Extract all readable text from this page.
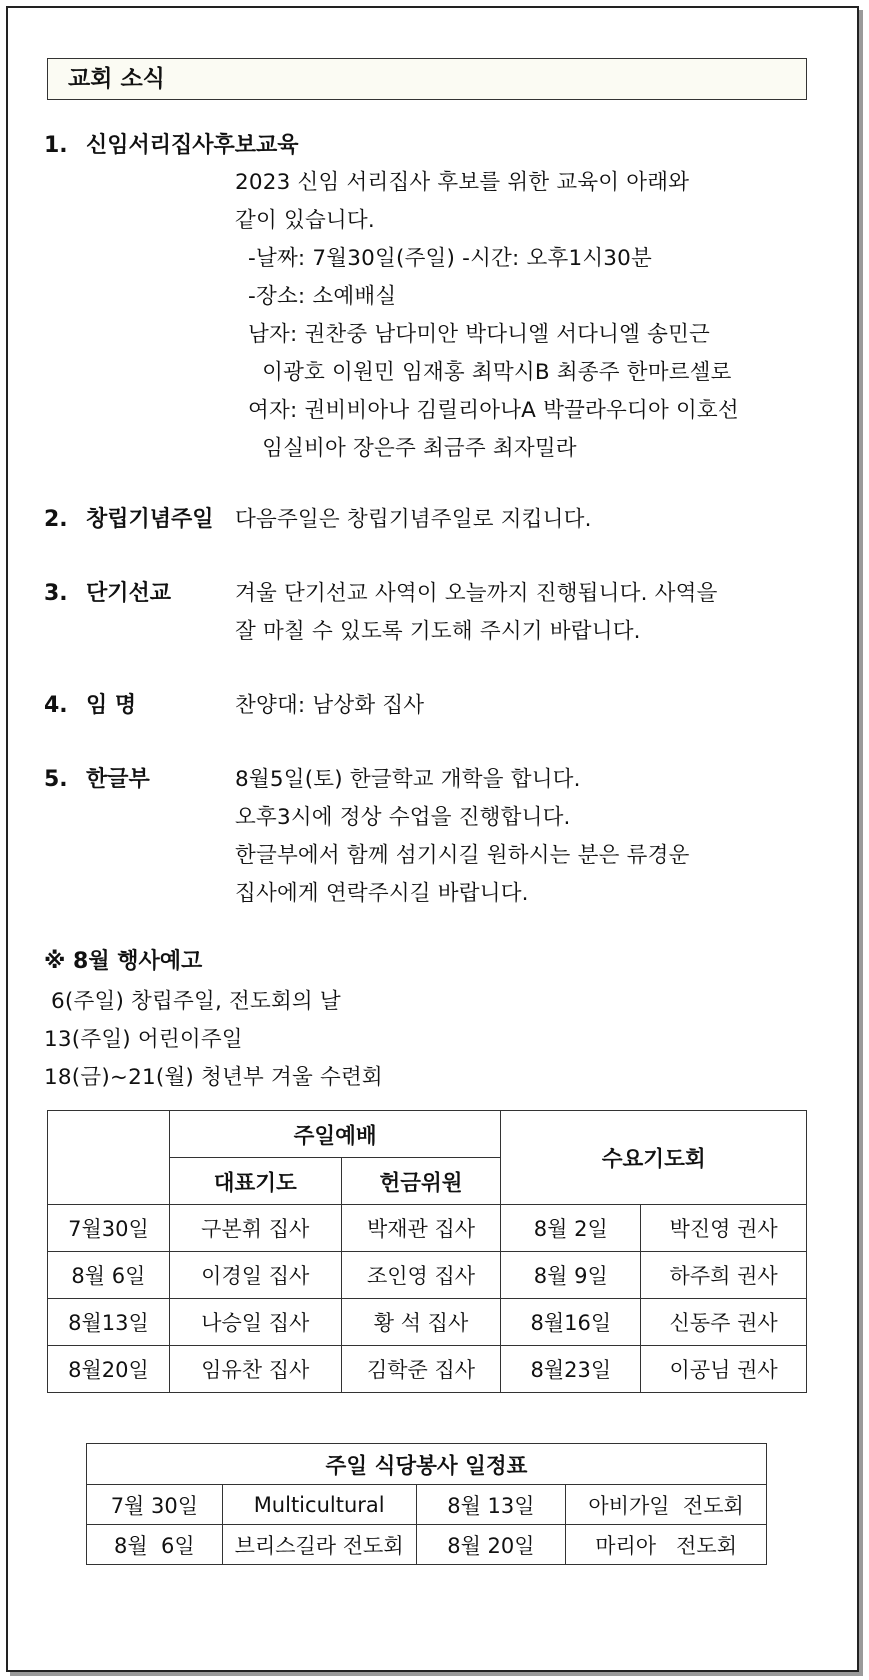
교회 소식
1. 신임서리집사후보교육
2023 신임 서리집사 후보를 위한 교육이 아래와
같이 있습니다.
-날짜: 7월30일(주일) -시간: 오후1시30분
-장소: 소예배실
남자: 권찬중 남다미안 박다니엘 서다니엘 송민근
이광호 이원민 임재홍 최막시B 최종주 한마르셀로
여자: 권비비아나 김릴리아나A 박끌라우디아 이호선
임실비아 장은주 최금주 최자밀라
2. 창립기념주일 다음주일은 창립기념주일로 지킵니다.
3. 단기선교	겨울 단기선교 사역이 오늘까지 진행됩니다. 사역을
잘 마칠 수 있도록 기도해 주시기 바랍니다.
4. 임 명	찬양대: 남상화 집사
5. 한글부	8월5일(토) 한글학교 개학을 합니다.
오후3시에 정상 수업을 진행합니다.
한글부에서 함께 섬기시길 원하시는 분은 류경운
집사에게 연락주시길 바랍니다.
※ 8월 행사예고
6(주일) 창립주일, 전도회의 날
13(주일) 어린이주일
18(금)~21(월) 청년부 겨울 수련회
	주일예배		수요기도회	
	대표기도	헌금위원		
7월30일	구본휘 집사	박재관 집사	8월 2일	박진영 권사
8월 6일	이경일 집사	조인영 집사	8월 9일	하주희 권사
8월13일	나승일 집사	황 석 집사	8월16일	신동주 권사
8월20일	임유찬 집사	김학준 집사	8월23일	이공님 권사
주일 식당봉사 일정표			
7월 30일	Multicultural	8월 13일	아비가일  전도회
8월  6일	브리스길라 전도회	8월 20일	마리아   전도회
